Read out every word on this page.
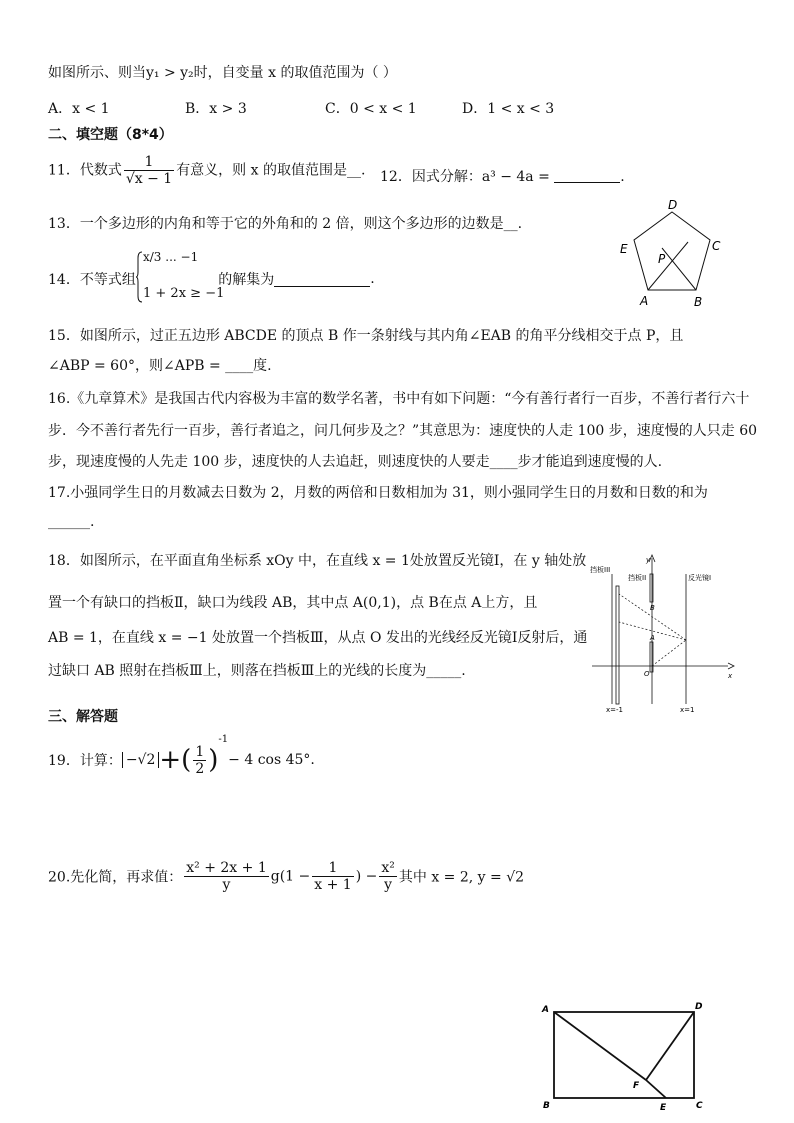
如图所示、则当y₁ > y₂时，自变量 x 的取值范围为（ ）
A．x < 1	B．x > 3	C．0 < x < 1	D．1 < x < 3
二、填空题（8*4）
11．代数式 $\frac{1}{√x - 1}$ 有意义，则 x 的取值范围是__. 12．因式分解：a³ − 4a =	.
13．一个多边形的内角和等于它的外角和的 2 倍，则这个多边形的边数是__.
14．不等式组
x/3 ... −1
1 + 2x ≥ −1
的解集为	.
D
C
E
P
A	B
15．如图所示，过正五边形 ABCDE 的顶点 B 作一条射线与其内角∠EAB 的角平分线相交于点 P，且
∠ABP = 60°，则∠APB = ____度.
16.《九章算术》是我国古代内容极为丰富的数学名著，书中有如下问题：“今有善行者行一百步，不善行者行六十
步．今不善行者先行一百步，善行者追之，问几何步及之？”其意思为：速度快的人走 100 步，速度慢的人只走 60
步，现速度慢的人先走 100 步，速度快的人去追赶，则速度快的人要走____步才能追到速度慢的人.
17.小强同学生日的月数减去日数为 2，月数的两倍和日数相加为 31，则小强同学生日的月数和日数的和为
______.
18．如图所示，在平面直角坐标系 xOy 中，在直线 x = 1处放置反光镜Ⅰ，在 y 轴处放
置一个有缺口的挡板Ⅱ，缺口为线段 AB，其中点 A(0,1)，点 B在点 A上方，且
AB = 1，在直线 x = −1 处放置一个挡板Ⅲ，从点 O 发出的光线经反光镜Ⅰ反射后，通
过缺口 AB 照射在挡板Ⅲ上，则落在挡板Ⅲ上的光线的长度为_____.
挡板III
挡板II	反光镜I
y
x
B
A
O
x=-1	x=1
三、解答题
19．计算： −√2 +( $\frac{1}{2} )^{-1}- 4$ cos 45°.
20.先化简，再求值： $\frac{\text{x² + 2x + 1}}{y} g(1 - \frac{1}{x + 1}$ ) − $\frac{\text{x²}}{y}$ 其中 x = 2, y = √2
A	D
F
B	E	C
